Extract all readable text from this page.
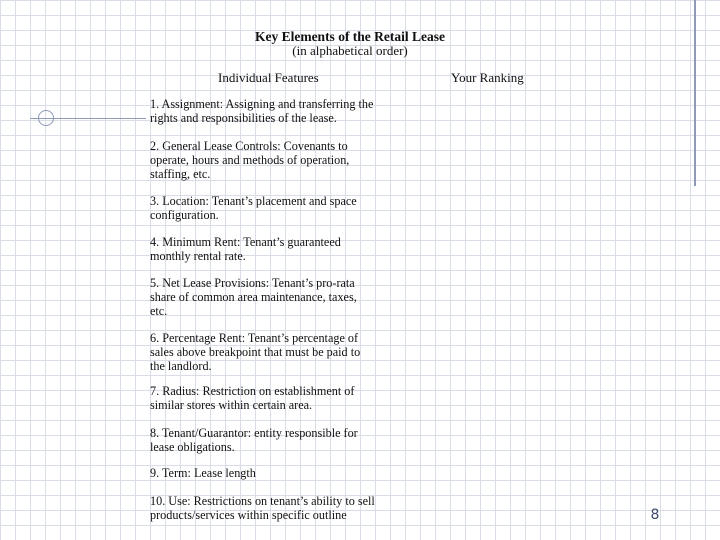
Key Elements of the Retail Lease
(in alphabetical order)
Individual Features	Your Ranking
1. Assignment: Assigning and transferring the
rights and responsibilities of the lease.
2. General Lease Controls: Covenants to
operate, hours and methods of operation,
staffing, etc.
3. Location: Tenant’s placement and space
configuration.
4. Minimum Rent: Tenant’s guaranteed
monthly rental rate.
5. Net Lease Provisions: Tenant’s pro-rata
share of common area maintenance, taxes,
etc.
6. Percentage Rent: Tenant’s percentage of
sales above breakpoint that must be paid to
the landlord.
7. Radius: Restriction on establishment of
similar stores within certain area.
8. Tenant/Guarantor: entity responsible for
lease obligations.
9. Term: Lease length
10. Use: Restrictions on tenant’s ability to sell
products/services within specific outline	8
